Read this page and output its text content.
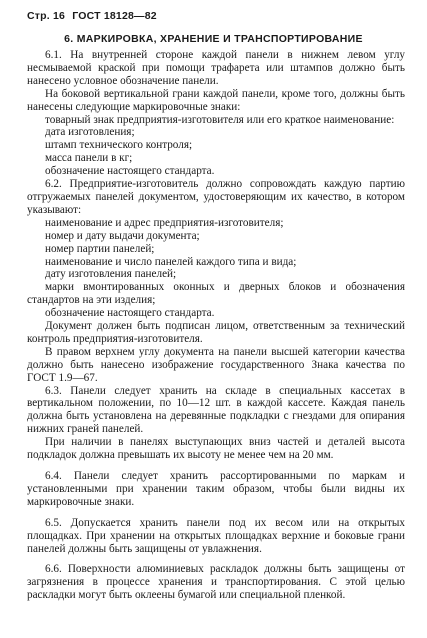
Стр. 16 ГОСТ 18128—82
6. МАРКИРОВКА, ХРАНЕНИЕ И ТРАНСПОРТИРОВАНИЕ

6.1. На внутренней стороне каждой панели в нижнем левом углу несмываемой краской при помощи трафарета или штампов должно быть нанесено условное обозначение панели.

На боковой вертикальной грани каждой панели, кроме того, должны быть нанесены следующие маркировочные знаки:

товарный знак предприятия-изготовителя или его краткое наименование:

дата изготовления;
штамп технического контроля;
масса панели в кг;
обозначение настоящего стандарта.

6.2. Предприятие-изготовитель должно сопровождать каждую партию отгружаемых панелей документом, удостоверяющим их качество, в котором указывают:

наименование и адрес предприятия-изготовителя;
номер и дату выдачи документа;
номер партии панелей;
наименование и число панелей каждого типа и вида;
дату изготовления панелей;

марки вмонтированных оконных и дверных блоков и обозначения стандартов на эти изделия;

обозначение настоящего стандарта.

Документ должен быть подписан лицом, ответственным за технический контроль предприятия-изготовителя.

В правом верхнем углу документа на панели высшей категории качества должно быть нанесено изображение государственного Знака качества по ГОСТ 1.9—67.

6.3. Панели следует хранить на складе в специальных кассетах в вертикальном положении, по 10—12 шт. в каждой кассете. Каждая панель должна быть установлена на деревянные подкладки с гнездами для опирания нижних граней панелей.

При наличии в панелях выступающих вниз частей и деталей высота подкладок должна превышать их высоту не менее чем на 20 мм.

6.4. Панели следует хранить рассортированными по маркам и установленными при хранении таким образом, чтобы были видны их маркировочные знаки.

6.5. Допускается хранить панели под их весом или на открытых площадках. При хранении на открытых площадках верхние и боковые грани панелей должны быть защищены от увлажнения.

6.6. Поверхности алюминиевых раскладок должны быть защищены от загрязнения в процессе хранения и транспортирования. С этой целью раскладки могут быть оклеены бумагой или специальной пленкой.
